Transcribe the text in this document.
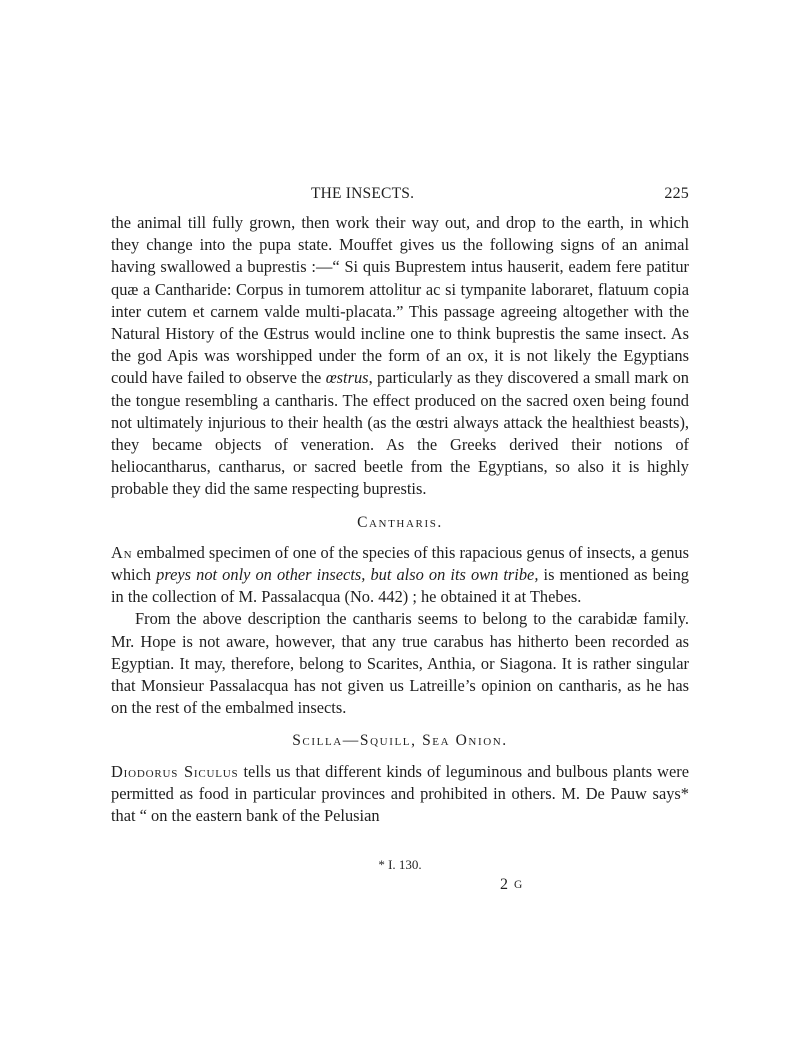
THE INSECTS.	225

the animal till fully grown, then work their way out, and drop to the earth, in which they change into the pupa state. Mouffet gives us the following signs of an animal having swallowed a buprestis :—“ Si quis Buprestem intus hauserit, eadem fere patitur quæ a Cantharide: Corpus in tumorem attolitur ac si tympanite laboraret, flatuum copia inter cutem et carnem valde multi-placata.” This passage agreeing altogether with the Natural History of the Œstrus would incline one to think buprestis the same insect. As the god Apis was worshipped under the form of an ox, it is not likely the Egyptians could have failed to observe the œstrus, particularly as they discovered a small mark on the tongue resembling a cantharis. The effect produced on the sacred oxen being found not ultimately injurious to their health (as the œstri always attack the healthiest beasts), they became objects of veneration. As the Greeks derived their notions of heliocantharus, cantharus, or sacred beetle from the Egyptians, so also it is highly probable they did the same respecting buprestis.

Cantharis.

An embalmed specimen of one of the species of this rapacious genus of insects, a genus which preys not only on other insects, but also on its own tribe, is mentioned as being in the collection of M. Passalacqua (No. 442) ; he obtained it at Thebes.

From the above description the cantharis seems to belong to the carabidæ family. Mr. Hope is not aware, however, that any true carabus has hitherto been recorded as Egyptian. It may, therefore, belong to Scarites, Anthia, or Siagona. It is rather singular that Monsieur Passalacqua has not given us Latreille’s opinion on cantharis, as he has on the rest of the embalmed insects.

Scilla—Squill, Sea Onion.

Diodorus Siculus tells us that different kinds of leguminous and bulbous plants were permitted as food in particular provinces and prohibited in others. M. De Pauw says* that “ on the eastern bank of the Pelusian

* I. 130.
2 G
